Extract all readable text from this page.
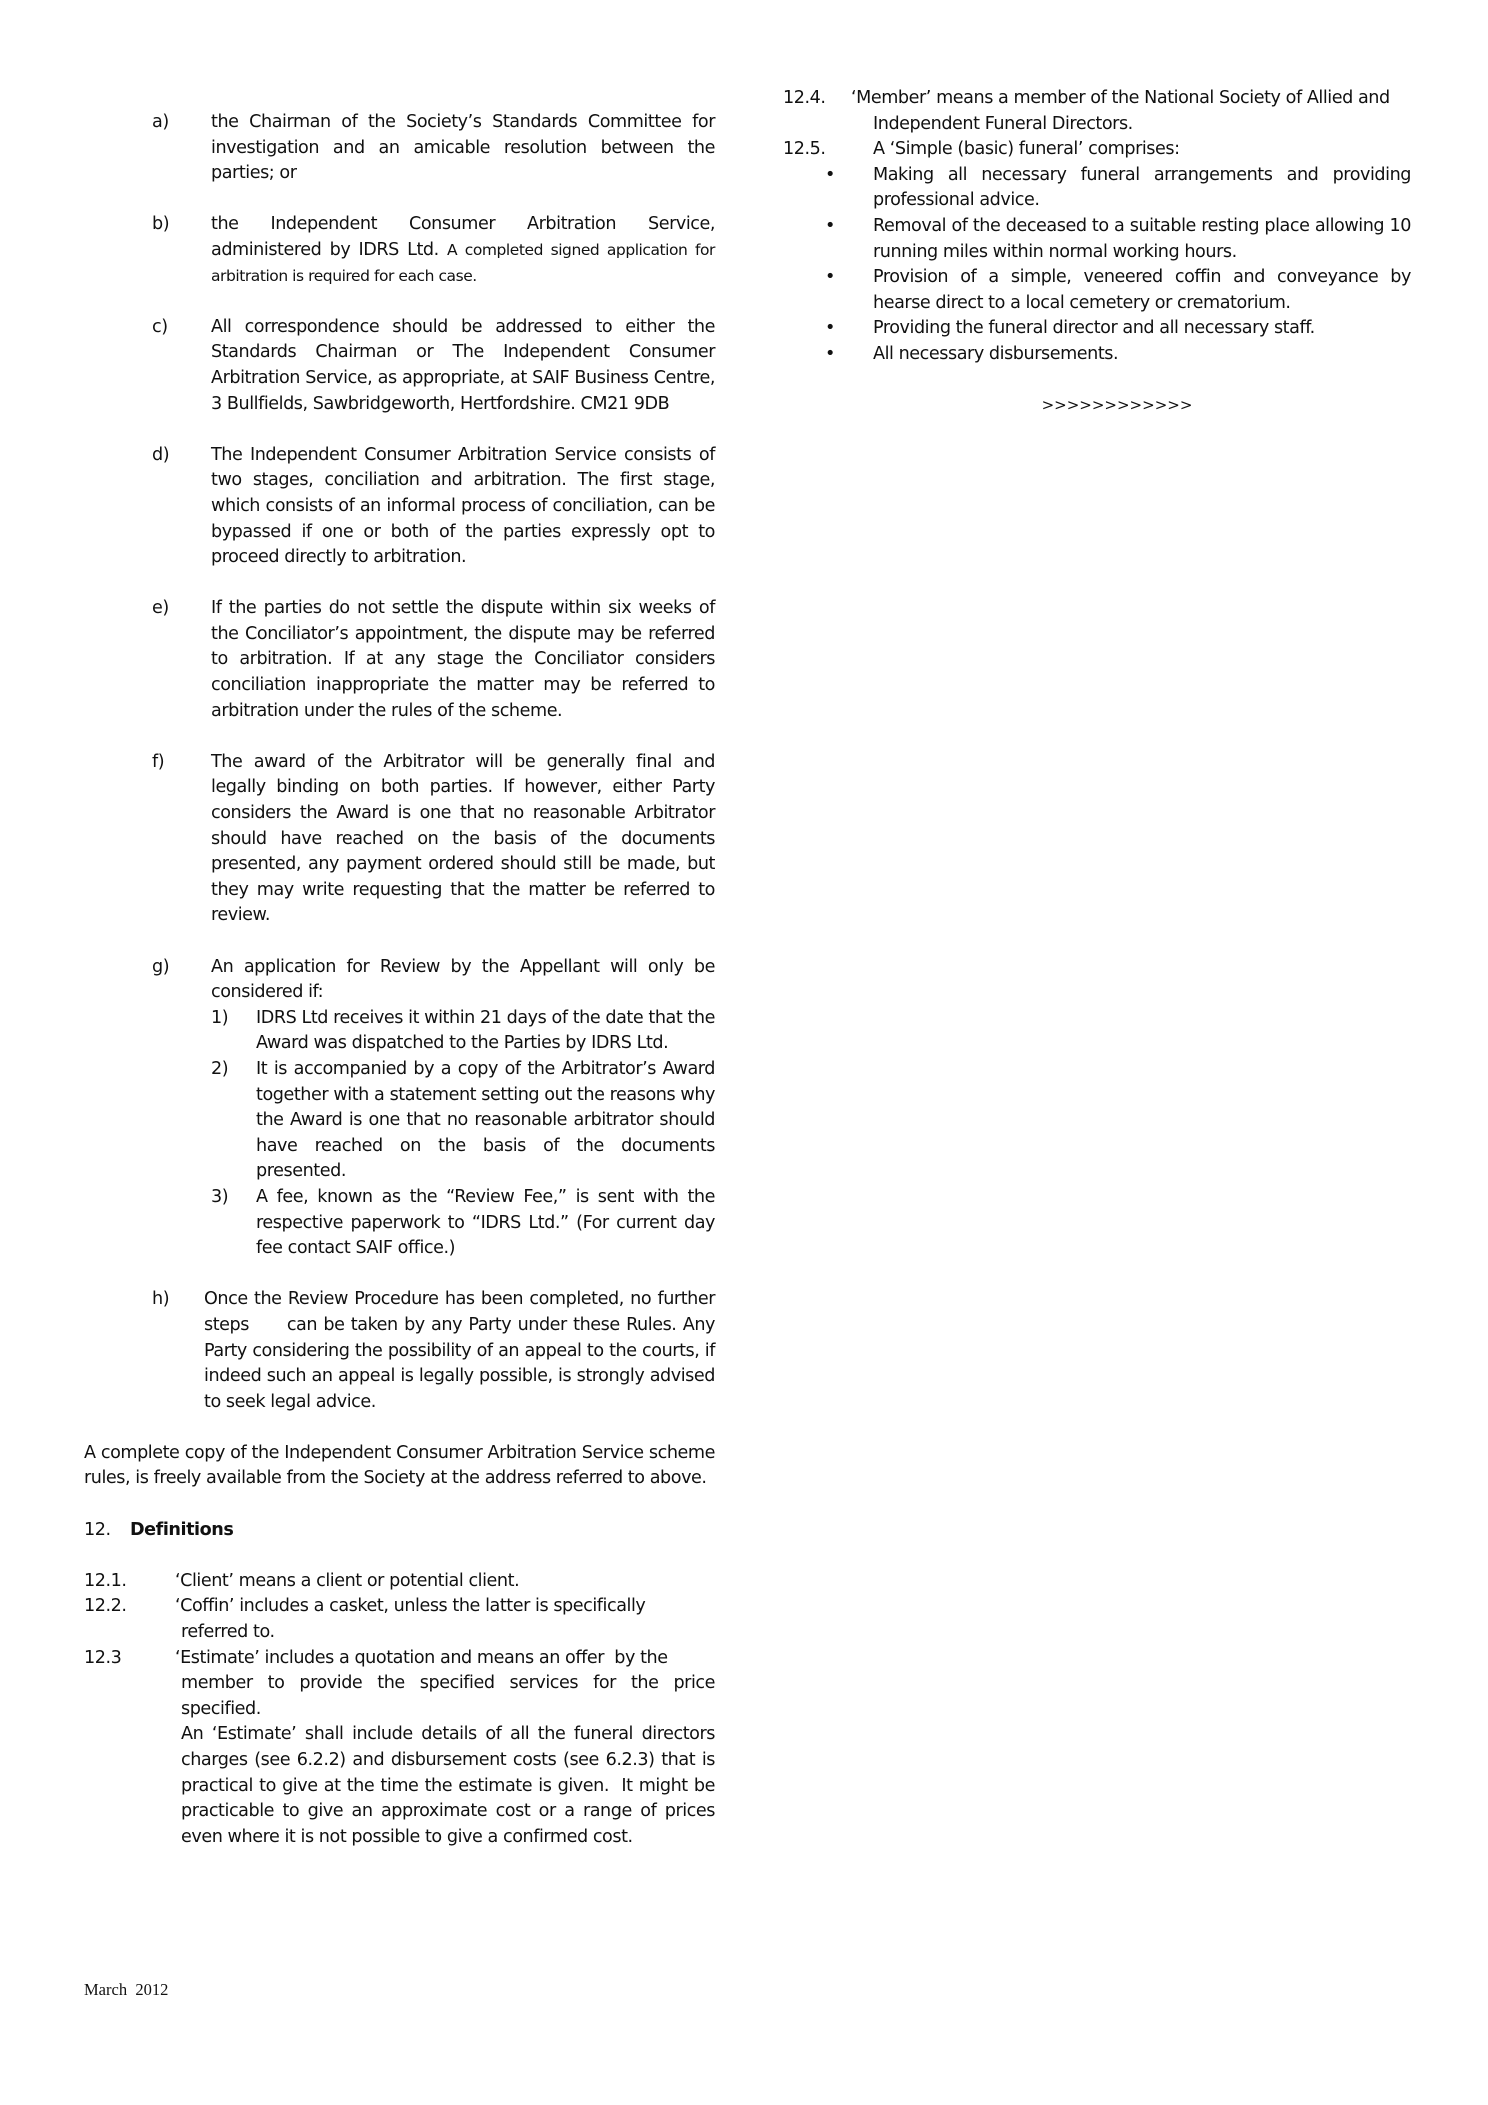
a) the Chairman of the Society’s Standards Committee for investigation and an amicable resolution between the parties; or
b) the Independent Consumer Arbitration Service, administered by IDRS Ltd. A completed signed application for arbitration is required for each case.
c) All correspondence should be addressed to either the Standards Chairman or The Independent Consumer Arbitration Service, as appropriate, at SAIF Business Centre, 3 Bullfields, Sawbridgeworth, Hertfordshire. CM21 9DB
d) The Independent Consumer Arbitration Service consists of two stages, conciliation and arbitration. The first stage, which consists of an informal process of conciliation, can be bypassed if one or both of the parties expressly opt to proceed directly to arbitration.
e) If the parties do not settle the dispute within six weeks of the Conciliator’s appointment, the dispute may be referred to arbitration. If at any stage the Conciliator considers conciliation inappropriate the matter may be referred to arbitration under the rules of the scheme.
f)	The award of the Arbitrator will be generally final and legally binding on both parties. If however, either Party considers the Award is one that no reasonable Arbitrator should have reached on the basis of the documents presented, any payment ordered should still be made, but they may write requesting that the matter be referred to review.
g) An application for Review by the Appellant will only be considered if:
1) IDRS Ltd receives it within 21 days of the date that the Award was dispatched to the Parties by IDRS Ltd.
2) It is accompanied by a copy of the Arbitrator’s Award together with a statement setting out the reasons why the Award is one that no reasonable arbitrator should have reached on the basis of the documents presented.
3) A fee, known as the “Review Fee,” is sent with the respective paperwork to “IDRS Ltd.” (For current day fee contact SAIF office.)
h) Once the Review Procedure has been completed, no further steps      can be taken by any Party under these Rules. Any Party considering the possibility of an appeal to the courts, if indeed such an appeal is legally possible, is strongly advised to seek legal advice.
A complete copy of the Independent Consumer Arbitration Service scheme rules, is freely available from the Society at the address referred to above.
12. Definitions
12.1.	‘Client’ means a client or potential client.
12.2.	‘Coffin’ includes a casket, unless the latter is specifically
referred to.
12.3	‘Estimate’ includes a quotation and means an offer  by the
member to provide the specified services for the price specified.
An ‘Estimate’ shall include details of all the funeral directors charges (see 6.2.2) and disbursement costs (see 6.2.3) that is practical to give at the time the estimate is given.  It might be practicable to give an approximate cost or a range of prices even where it is not possible to give a confirmed cost.
12.4. ‘Member’ means a member of the National Society of Allied and
Independent Funeral Directors.
12.5.	A ‘Simple (basic) funeral’ comprises:
• Making all necessary funeral arrangements and providing professional advice.
• Removal of the deceased to a suitable resting place allowing 10 running miles within normal working hours.
• Provision of a simple, veneered coffin and conveyance by hearse direct to a local cemetery or crematorium.
• Providing the funeral director and all necessary staff.
• All necessary disbursements.
>>>>>>>>>>>>
March  2012
